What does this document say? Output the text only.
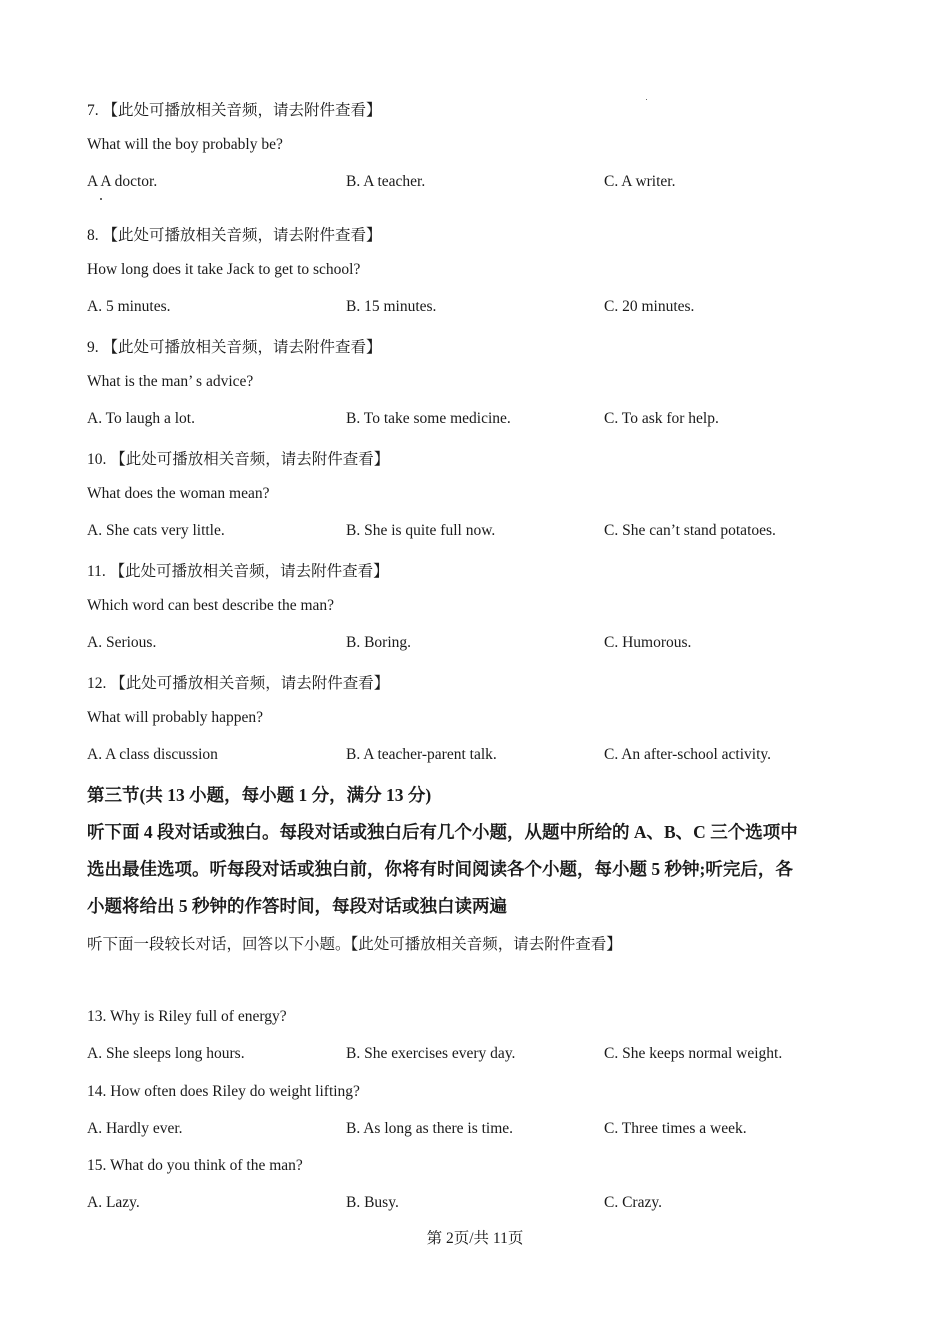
7. 【此处可播放相关音频，请去附件查看】
What will the boy probably be?
A A doctor.	B. A teacher.	C. A writer.
8. 【此处可播放相关音频，请去附件查看】
How long does it take Jack to get to school?
A. 5 minutes.	B. 15 minutes.	C. 20 minutes.
9. 【此处可播放相关音频，请去附件查看】
What is the man’ s advice?
A. To laugh a lot.	B. To take some medicine.	C. To ask for help.
10. 【此处可播放相关音频，请去附件查看】
What does the woman mean?
A. She cats very little.	B. She is quite full now.	C. She can’t stand potatoes.
11. 【此处可播放相关音频，请去附件查看】
Which word can best describe the man?
A. Serious.	B. Boring.	C. Humorous.
12. 【此处可播放相关音频，请去附件查看】
What will probably happen?
A. A class discussion	B. A teacher-parent talk.	C. An after-school activity.
第三节(共 13 小题，每小题 1 分，满分 13 分)
听下面 4 段对话或独白。每段对话或独白后有几个小题，从题中所给的 A、B、C 三个选项中
选出最佳选项。听每段对话或独白前，你将有时间阅读各个小题，每小题 5 秒钟;听完后，各
小题将给出 5 秒钟的作答时间，每段对话或独白读两遍
听下面一段较长对话，回答以下小题。【此处可播放相关音频，请去附件查看】
13. Why is Riley full of energy?
A. She sleeps long hours.	B. She exercises every day.	C. She keeps normal weight.
14. How often does Riley do weight lifting?
A. Hardly ever.	B. As long as there is time.	C. Three times a week.
15. What do you think of the man?
A. Lazy.	B. Busy.	C. Crazy.
第 2页/共 11页
